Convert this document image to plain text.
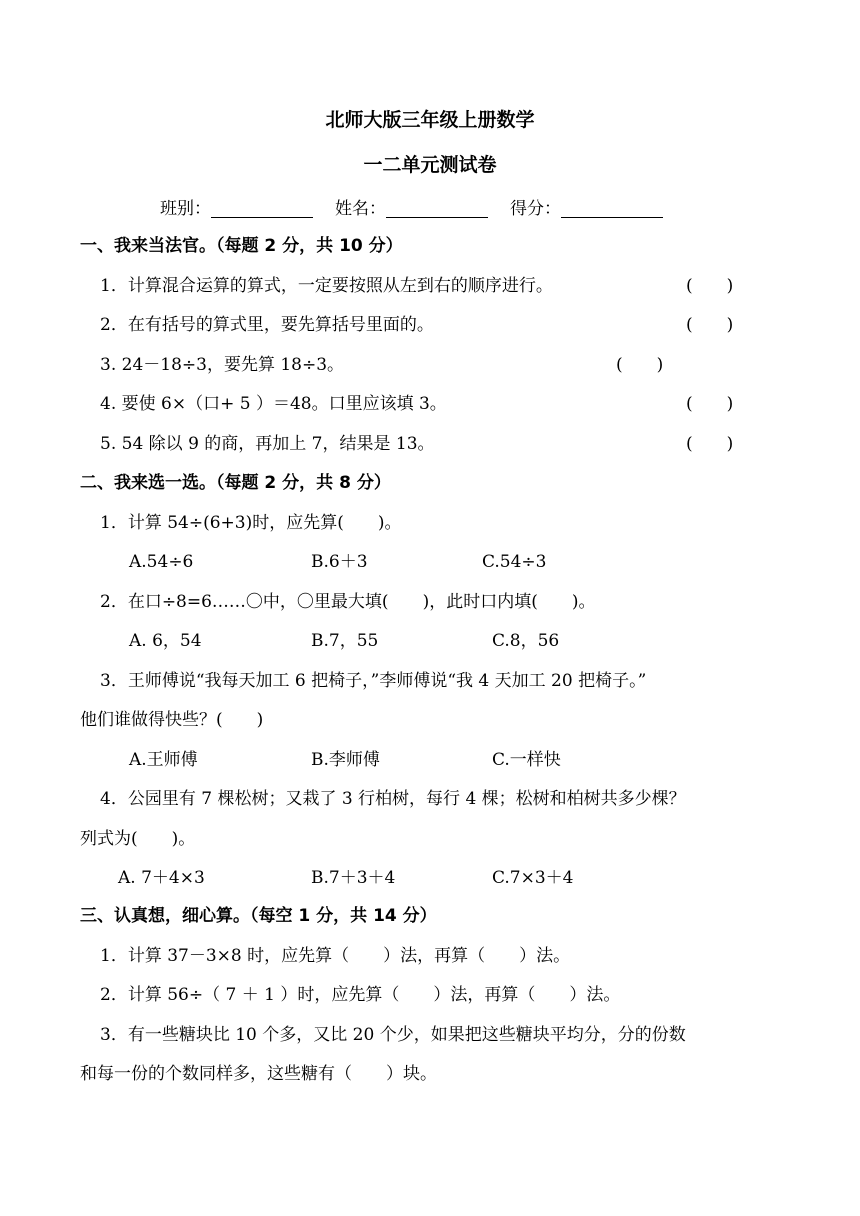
北师大版三年级上册数学
一二单元测试卷
班别：	姓名：	得分：
一、我来当法官。（每题 2 分，共 10 分）
1．计算混合运算的算式，一定要按照从左到右的顺序进行。	(　　)
2．在有括号的算式里，要先算括号里面的。	(　　)
3. 24－18÷3，要先算 18÷3。	(　　)
4. 要使 6×（口+ 5 ）＝48。口里应该填 3。	(　　)
5. 54 除以 9 的商，再加上 7，结果是 13。	(　　)
二、我来选一选。（每题 2 分，共 8 分）
1．计算 54÷(6+3)时，应先算(　　)。
A.54÷6	B.6＋3	C.54÷3
2．在口÷8=6……〇中，〇里最大填(　　)，此时口内填(　　)。
A. 6，54	B.7，55	C.8，56
3．王师傅说“我每天加工 6 把椅子，”李师傅说“我 4 天加工 20 把椅子。”
他们谁做得快些？(　　)
A.王师傅	B.李师傅	C.一样快
4．公园里有 7 棵松树；又栽了 3 行柏树，每行 4 棵；松树和柏树共多少棵？
列式为(　　)。
A. 7＋4×3	B.7＋3＋4	C.7×3＋4
三、认真想，细心算。（每空 1 分，共 14 分）
1．计算 37－3×8 时，应先算（　　）法，再算（　　）法。
2．计算 56÷（ 7 ＋ 1 ）时，应先算（　　）法，再算（　　）法。
3．有一些糖块比 10 个多，又比 20 个少，如果把这些糖块平均分，分的份数
和每一份的个数同样多，这些糖有（　　）块。
